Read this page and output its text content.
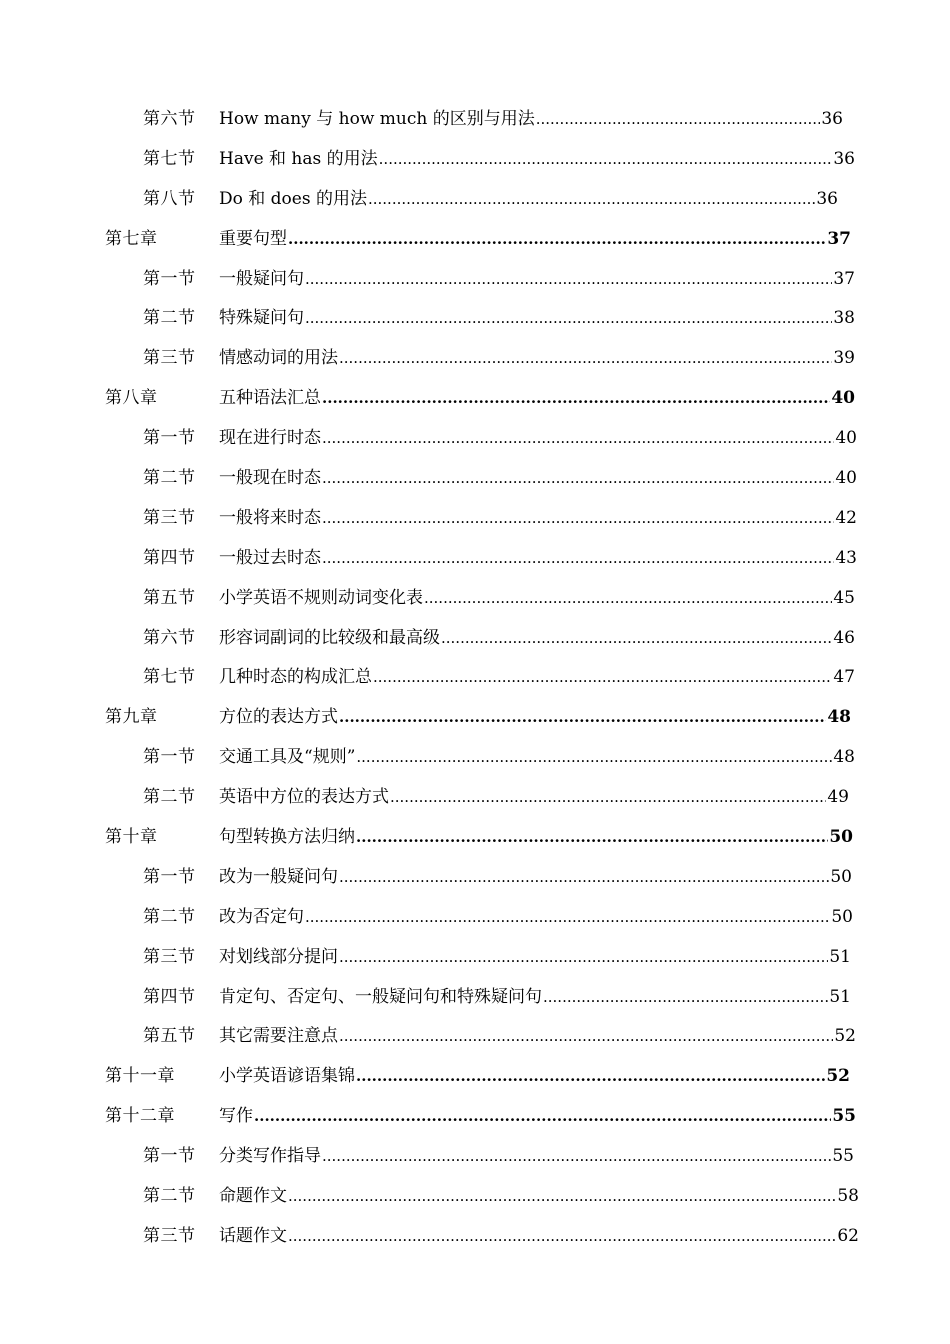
第六节 How many 与 how much 的区别与用法 .....	36
第七节 Have 和 has 的用法 .....	36
第八节 Do 和 does 的用法 .....	36
第七章	重要句型 .....	37
第一节 一般疑问句 .....	37
第二节 特殊疑问句 .....	38
第三节 情感动词的用法 .....	39
第八章	五种语法汇总 .....	40
第一节 现在进行时态 .....	40
第二节 一般现在时态 .....	40
第三节 一般将来时态 .....	42
第四节 一般过去时态 .....	43
第五节 小学英语不规则动词变化表 .....	45
第六节 形容词副词的比较级和最高级 .....	46
第七节 几种时态的构成汇总 .....	47
第九章	方位的表达方式 .....	48
第一节 交通工具及“规则” .....	48
第二节 英语中方位的表达方式 .....	49
第十章	句型转换方法归纳 .....	50
第一节 改为一般疑问句 .....	50
第二节 改为否定句 .....	50
第三节 对划线部分提问 .....	51
第四节 肯定句、否定句、一般疑问句和特殊疑问句 .....	51
第五节 其它需要注意点 .....	52
第十一章	小学英语谚语集锦 .....	52
第十二章	写作 .....	55
第一节 分类写作指导 .....	55
第二节 命题作文 .....	58
第三节 话题作文 .....	62
